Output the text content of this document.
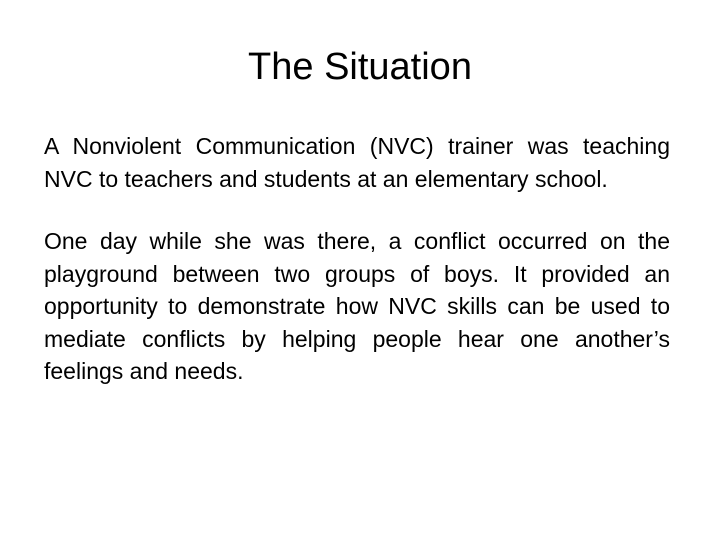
The Situation

A Nonviolent Communication (NVC) trainer was teaching NVC to teachers and students at an elementary school.

One day while she was there, a conflict occurred on the playground between two groups of boys. It provided an opportunity to demonstrate how NVC skills can be used to mediate conflicts by helping people hear one another’s feelings and needs.
